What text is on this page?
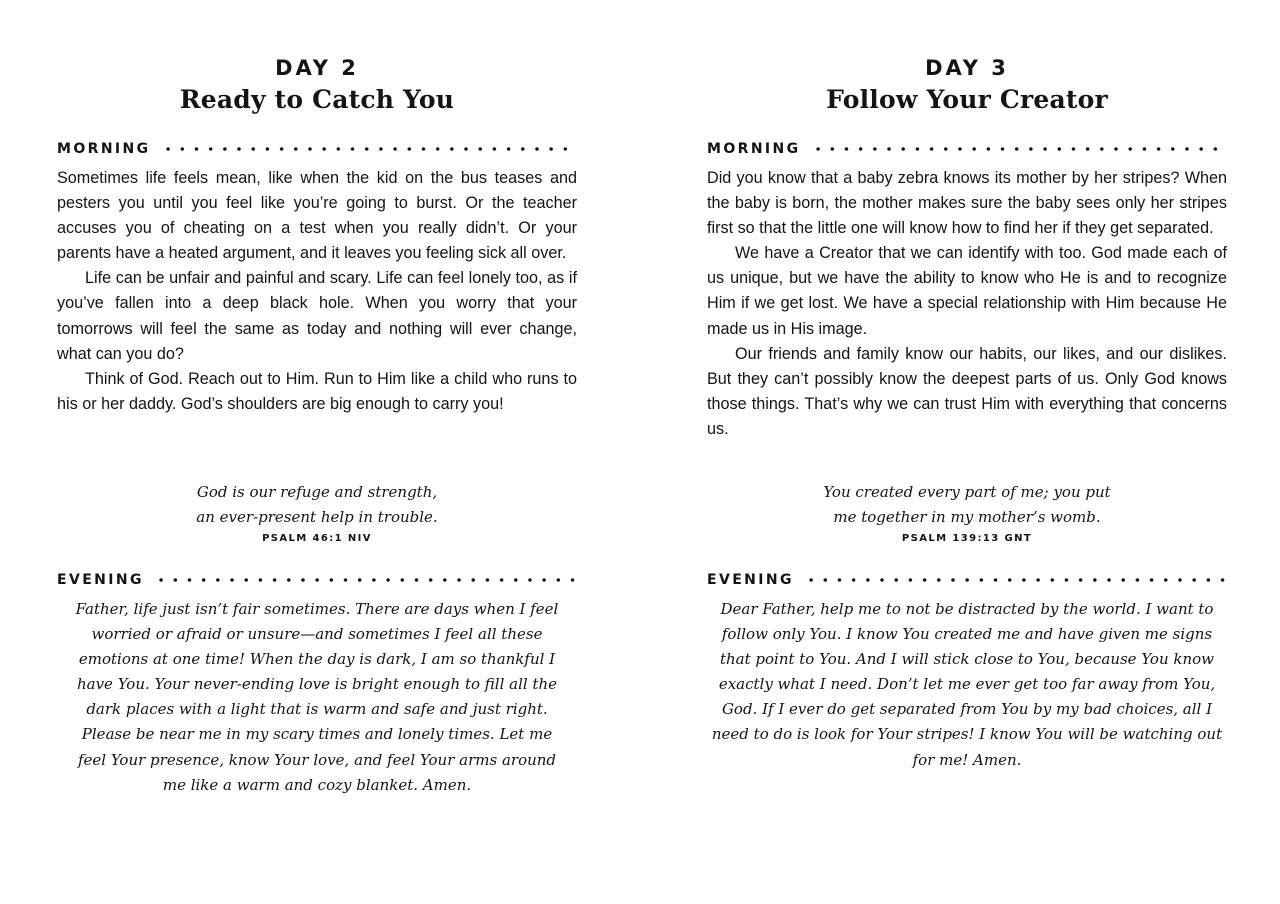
DAY 2
Ready to Catch You
MORNING

Sometimes life feels mean, like when the kid on the bus teases and pesters you until you feel like you’re going to burst. Or the teacher accuses you of cheating on a test when you really didn’t. Or your parents have a heated argument, and it leaves you feeling sick all over.

Life can be unfair and painful and scary. Life can feel lonely too, as if you’ve fallen into a deep black hole. When you worry that your tomorrows will feel the same as today and nothing will ever change, what can you do?

Think of God. Reach out to Him. Run to Him like a child who runs to his or her daddy. God’s shoulders are big enough to carry you!

God is our refuge and strength,
an ever-present help in trouble.
PSALM 46:1 NIV
EVENING
Father, life just isn’t fair sometimes. There are days when I feel worried or afraid or unsure—and sometimes I feel all these emotions at one time! When the day is dark, I am so thankful I have You. Your never-ending love is bright enough to fill all the dark places with a light that is warm and safe and just right. Please be near me in my scary times and lonely times. Let me feel Your presence, know Your love, and feel Your arms around me like a warm and cozy blanket. Amen.
DAY 3
Follow Your Creator
MORNING

Did you know that a baby zebra knows its mother by her stripes? When the baby is born, the mother makes sure the baby sees only her stripes first so that the little one will know how to find her if they get separated.

We have a Creator that we can identify with too. God made each of us unique, but we have the ability to know who He is and to recognize Him if we get lost. We have a special relationship with Him because He made us in His image.

Our friends and family know our habits, our likes, and our dislikes. But they can’t possibly know the deepest parts of us. Only God knows those things. That’s why we can trust Him with everything that concerns us.

You created every part of me; you put
me together in my mother’s womb.
PSALM 139:13 GNT
EVENING
Dear Father, help me to not be distracted by the world. I want to follow only You. I know You created me and have given me signs that point to You. And I will stick close to You, because You know exactly what I need. Don’t let me ever get too far away from You, God. If I ever do get separated from You by my bad choices, all I need to do is look for Your stripes! I know You will be watching out for me! Amen.
